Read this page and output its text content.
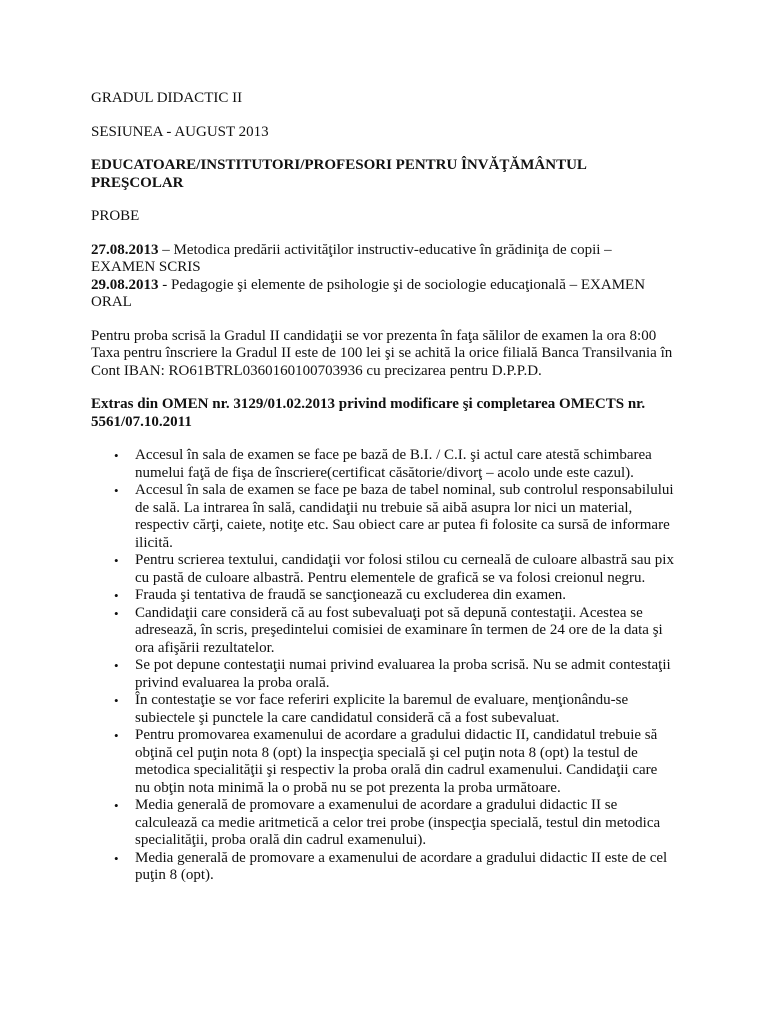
GRADUL DIDACTIC II

SESIUNEA - AUGUST 2013

EDUCATOARE/INSTITUTORI/PROFESORI PENTRU ÎNVĂŢĂMÂNTUL
PREŞCOLAR

PROBE

27.08.2013 – Metodica predării activităţilor instructiv-educative în grădiniţa de copii –
EXAMEN SCRIS

29.08.2013 - Pedagogie şi elemente de psihologie şi de sociologie educaţională – EXAMEN
ORAL

Pentru proba scrisă la Gradul II candidaţii se vor prezenta în faţa sălilor de examen la ora 8:00
Taxa pentru înscriere la Gradul II este de 100 lei şi se achită la orice filială Banca Transilvania în
Cont IBAN: RO61BTRL0360160100703936 cu precizarea pentru D.P.P.D.

Extras din OMEN nr. 3129/01.02.2013 privind modificare şi completarea OMECTS nr.
5561/07.10.2011

• Accesul în sala de examen se face pe bază de B.I. / C.I. şi actul care atestă schimbarea
numelui faţă de fişa de înscriere(certificat căsătorie/divorţ – acolo unde este cazul).
• Accesul în sala de examen se face pe baza de tabel nominal, sub controlul responsabilului
de sală. La intrarea în sală, candidaţii nu trebuie să aibă asupra lor nici un material,
respectiv cărţi, caiete, notiţe etc. Sau obiect care ar putea fi folosite ca sursă de informare
ilicită.
• Pentru scrierea textului, candidaţii vor folosi stilou cu cerneală de culoare albastră sau pix
cu pastă de culoare albastră. Pentru elementele de grafică se va folosi creionul negru.
• Frauda şi tentativa de fraudă se sancţionează cu excluderea din examen.
• Candidaţii care consideră că au fost subevaluaţi pot să depună contestaţii. Acestea se
adresează, în scris, preşedintelui comisiei de examinare în termen de 24 ore de la data şi
ora afişării rezultatelor.
• Se pot depune contestaţii numai privind evaluarea la proba scrisă. Nu se admit contestaţii
privind evaluarea la proba orală.
• În contestaţie se vor face referiri explicite la baremul de evaluare, menţionându-se
subiectele şi punctele la care candidatul consideră că a fost subevaluat.
• Pentru promovarea examenului de acordare a gradului didactic II, candidatul trebuie să
obţină cel puţin nota 8 (opt) la inspecţia specială şi cel puţin nota 8 (opt) la testul de
metodica specialităţii şi respectiv la proba orală din cadrul examenului. Candidaţii care
nu obţin nota minimă la o probă nu se pot prezenta la proba următoare.
• Media generală de promovare a examenului de acordare a gradului didactic II se
calculează ca medie aritmetică a celor trei probe (inspecţia specială, testul din metodica
specialităţii, proba orală din cadrul examenului).
• Media generală de promovare a examenului de acordare a gradului didactic II este de cel
puţin 8 (opt).
